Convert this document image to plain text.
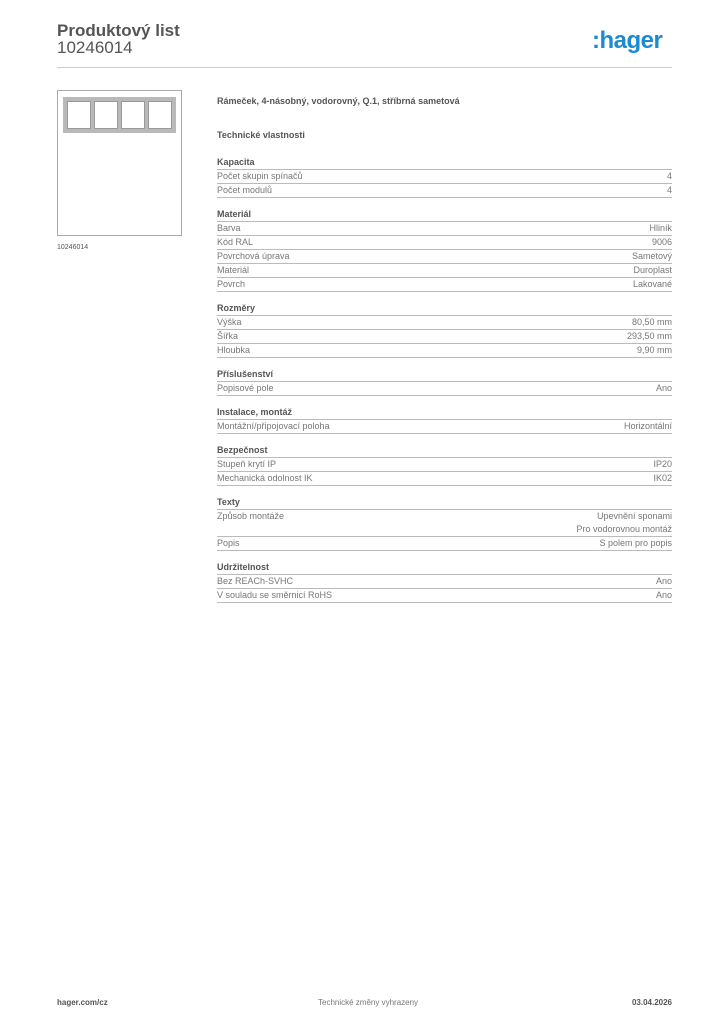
Produktový list
10246014	:hager
10246014
Rámeček, 4-násobný, vodorovný, Q.1, stříbrná sametová
Technické vlastnosti
Kapacita
Počet skupin spínačů	4
Počet modulů	4
Materiál
Barva	Hliník
Kód RAL	9006
Povrchová úprava	Sametový
Materiál	Duroplast
Povrch	Lakované
Rozměry
Výška	80,50 mm
Šířka	293,50 mm
Hloubka	9,90 mm
Příslušenství
Popisové pole	Ano
Instalace, montáž
Montážní/připojovací poloha	Horizontální
Bezpečnost
Stupeň krytí IP	IP20
Mechanická odolnost IK	IK02
Texty
Způsob montáže	Upevnění sponami
Pro vodorovnou montáž
Popis	S polem pro popis
Udržitelnost
Bez REACh-SVHC	Ano
V souladu se směrnicí RoHS	Ano
hager.com/cz	Technické změny vyhrazeny	03.04.2026
